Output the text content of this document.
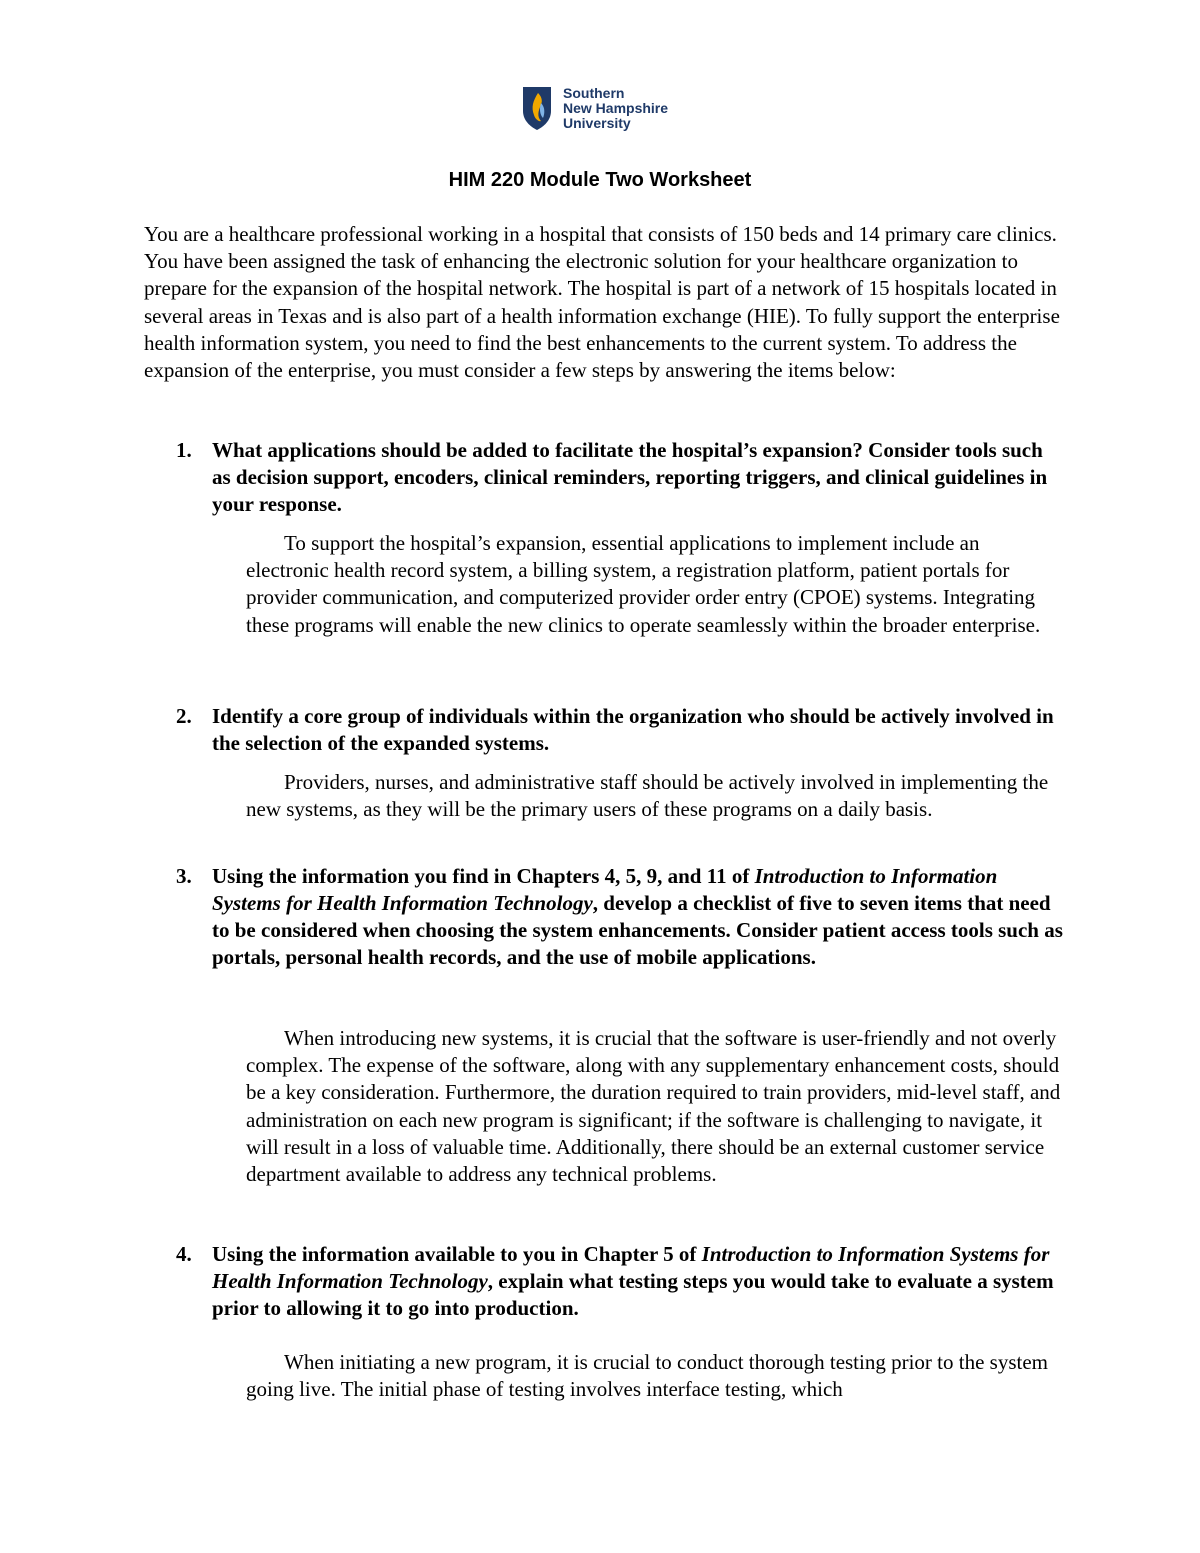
Southern
New Hampshire
University
HIM 220 Module Two Worksheet

You are a healthcare professional working in a hospital that consists of 150 beds and 14 primary care clinics. You have been assigned the task of enhancing the electronic solution for your healthcare organization to prepare for the expansion of the hospital network. The hospital is part of a network of 15 hospitals located in several areas in Texas and is also part of a health information exchange (HIE). To fully support the enterprise health information system, you need to find the best enhancements to the current system. To address the expansion of the enterprise, you must consider a few steps by answering the items below:

1. What applications should be added to facilitate the hospital’s expansion? Consider tools such as decision support, encoders, clinical reminders, reporting triggers, and clinical guidelines in your response.

To support the hospital’s expansion, essential applications to implement include an electronic health record system, a billing system, a registration platform, patient portals for provider communication, and computerized provider order entry (CPOE) systems. Integrating these programs will enable the new clinics to operate seamlessly within the broader enterprise.

2. Identify a core group of individuals within the organization who should be actively involved in the selection of the expanded systems.

Providers, nurses, and administrative staff should be actively involved in implementing the new systems, as they will be the primary users of these programs on a daily basis.

3. Using the information you find in Chapters 4, 5, 9, and 11 of Introduction to Information Systems for Health Information Technology, develop a checklist of five to seven items that need to be considered when choosing the system enhancements. Consider patient access tools such as portals, personal health records, and the use of mobile applications.

When introducing new systems, it is crucial that the software is user-friendly and not overly complex. The expense of the software, along with any supplementary enhancement costs, should be a key consideration. Furthermore, the duration required to train providers, mid-level staff, and administration on each new program is significant; if the software is challenging to navigate, it will result in a loss of valuable time. Additionally, there should be an external customer service department available to address any technical problems.

4. Using the information available to you in Chapter 5 of Introduction to Information Systems for Health Information Technology, explain what testing steps you would take to evaluate a system prior to allowing it to go into production.

When initiating a new program, it is crucial to conduct thorough testing prior to the system going live. The initial phase of testing involves interface testing, which
